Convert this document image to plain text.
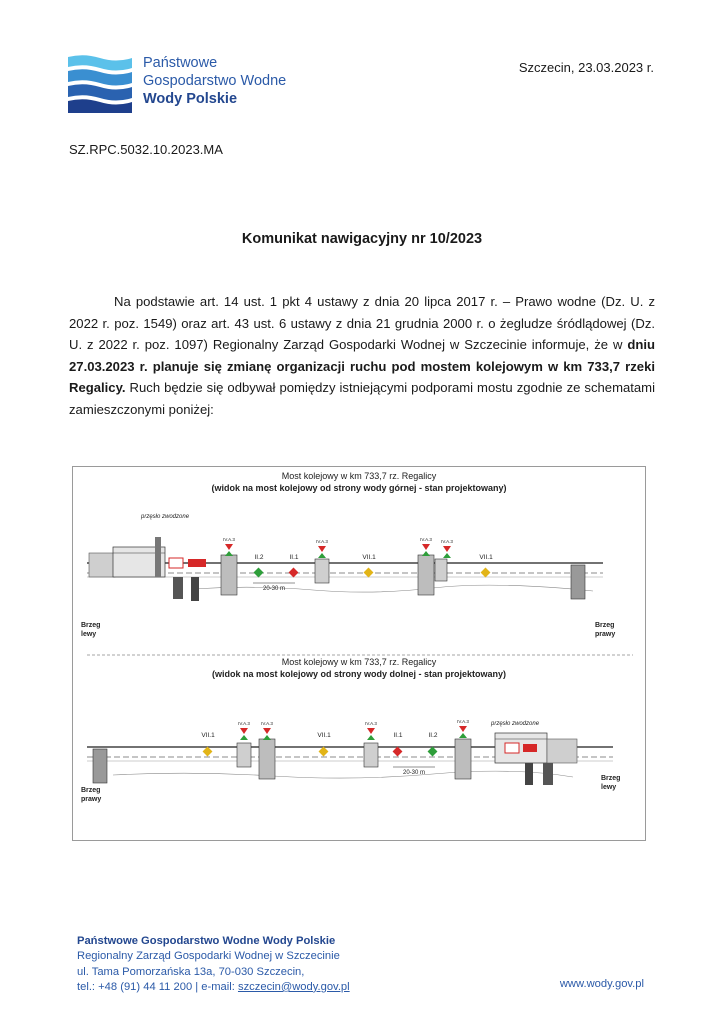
Państwowe
Gospodarstwo Wodne
Wody Polskie
Szczecin, 23.03.2023 r.
SZ.RPC.5032.10.2023.MA
Komunikat nawigacyjny nr 10/2023
Na podstawie art. 14 ust. 1 pkt 4 ustawy z dnia 20 lipca 2017 r. – Prawo wodne (Dz. U. z 2022 r. poz. 1549) oraz art. 43 ust. 6 ustawy z dnia 21 grudnia 2000 r. o żegludze śródlądowej (Dz. U. z 2022 r. poz. 1097) Regionalny Zarząd Gospodarki Wodnej w Szczecinie informuje, że w dniu 27.03.2023 r. planuje się zmianę organizacji ruchu pod mostem kolejowym w km 733,7 rzeki Regalicy. Ruch będzie się odbywał pomiędzy istniejącymi podporami mostu zgodnie ze schematami zamieszczonymi poniżej:
Most kolejowy w km 733,7 rz. Regalicy
(widok na most kolejowy od strony wody górnej - stan projektowany)
przęsło zwodzone
20-30 m
IV.A.3	IV.A.3	IV.A.3 IV.A.3
II.2	II.1	VII.1	VII.1
Brzeg
lewy
Brzeg
prawy
Most kolejowy w km 733,7 rz. Regalicy
(widok na most kolejowy od strony wody dolnej - stan projektowany)
przęsło zwodzone
20-30 m
IV.A.3 IV.A.3	IV.A.3	IV.A.3
VII.1	VII.1	II.1	II.2
Brzeg
prawy
Brzeg
lewy
Państwowe Gospodarstwo Wodne Wody Polskie
Regionalny Zarząd Gospodarki Wodnej w Szczecinie
ul. Tama Pomorzańska 13a, 70-030 Szczecin,
tel.: +48 (91) 44 11 200 | e-mail: szczecin@wody.gov.pl	www.wody.gov.pl
